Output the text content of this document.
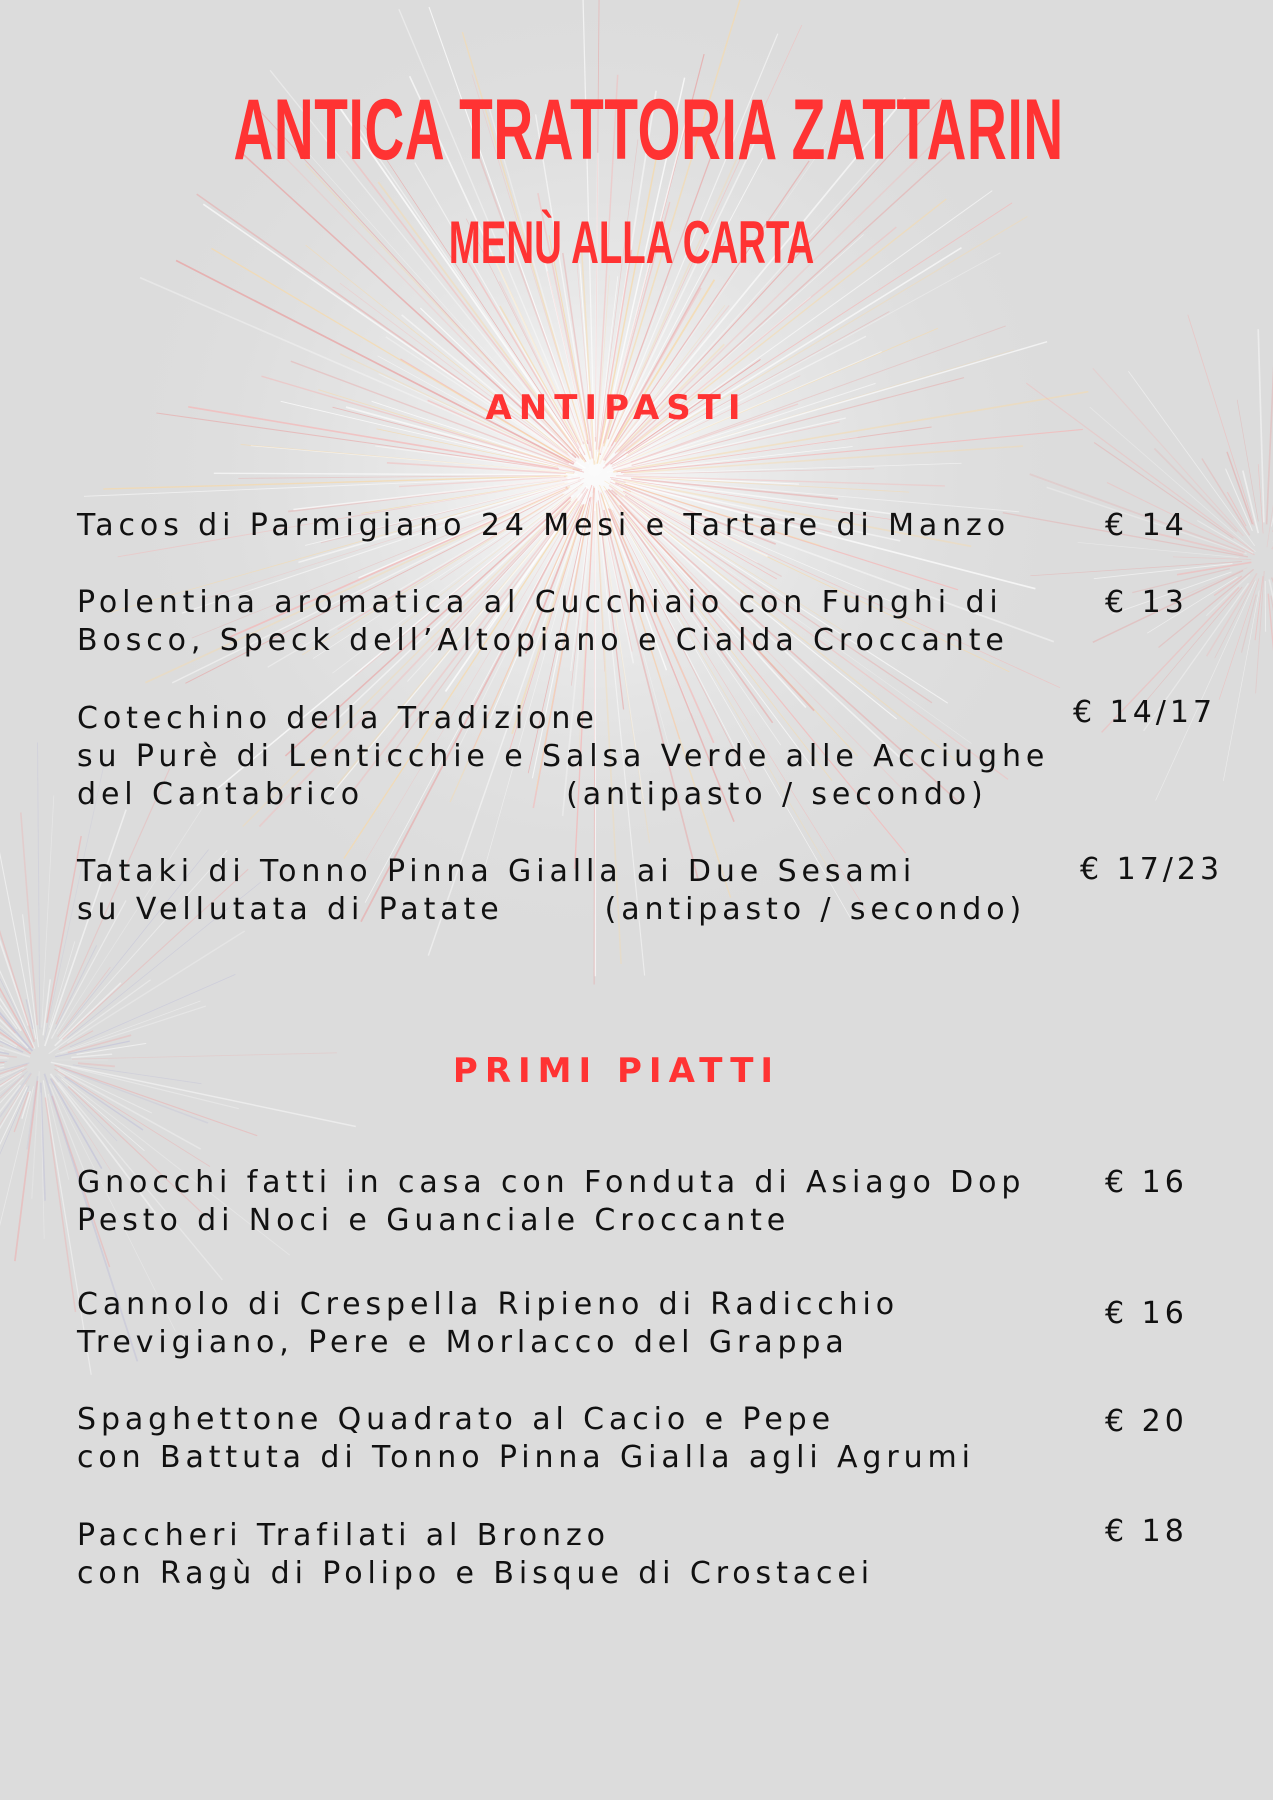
ANTICA TRATTORIA ZATTARIN
MENÙ ALLA CARTA
ANTIPASTI

Tacos di Parmigiano 24 Mesi e Tartare di Manzo	€ 14

Polentina aromatica al Cucchiaio con Funghi di
Bosco, Speck dell’Altopiano e Cialda Croccante

€ 13

Cotechino della Tradizione
su Purè di Lenticchie e Salsa Verde alle Acciughe
del Cantabrico              (antipasto / secondo)

€ 14/17

Tataki di Tonno Pinna Gialla ai Due Sesami
su Vellutata di Patate       (antipasto / secondo)

€ 17/23
PRIMI PIATTI

Gnocchi fatti in casa con Fonduta di Asiago Dop
Pesto di Noci e Guanciale Croccante

€ 16

Cannolo di Crespella Ripieno di Radicchio
Trevigiano, Pere e Morlacco del Grappa

€ 16

Spaghettone Quadrato al Cacio e Pepe
con Battuta di Tonno Pinna Gialla agli Agrumi

€ 20

Paccheri Trafilati al Bronzo
con Ragù di Polipo e Bisque di Crostacei

€ 18
